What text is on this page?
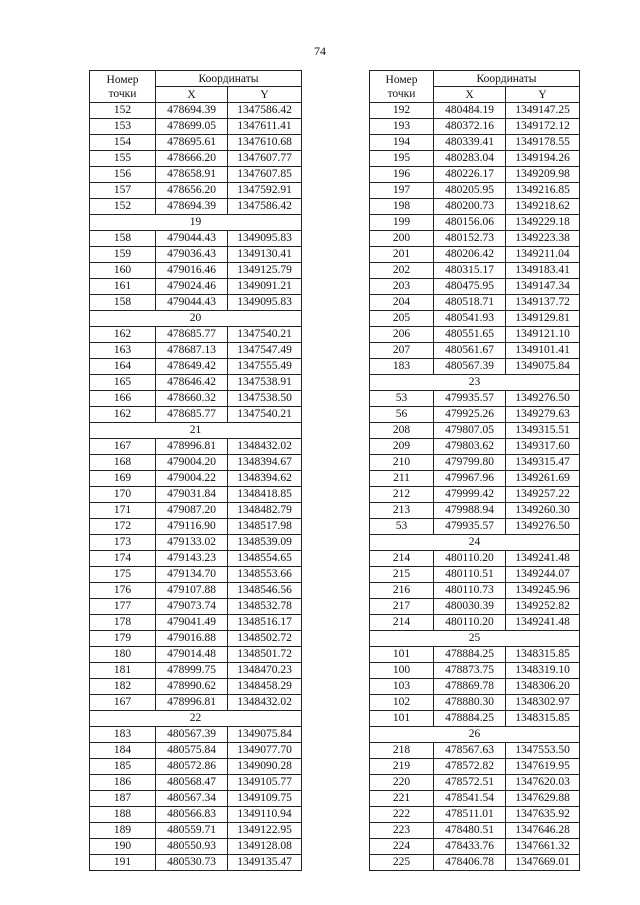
74
Номер
точки	Координаты	
	X	Y
152	478694.39	1347586.42
153	478699.05	1347611.41
154	478695.61	1347610.68
155	478666.20	1347607.77
156	478658.91	1347607.85
157	478656.20	1347592.91
152	478694.39	1347586.42
19		
158	479044.43	1349095.83
159	479036.43	1349130.41
160	479016.46	1349125.79
161	479024.46	1349091.21
158	479044.43	1349095.83
20		
162	478685.77	1347540.21
163	478687.13	1347547.49
164	478649.42	1347555.49
165	478646.42	1347538.91
166	478660.32	1347538.50
162	478685.77	1347540.21
21		
167	478996.81	1348432.02
168	479004.20	1348394.67
169	479004.22	1348394.62
170	479031.84	1348418.85
171	479087.20	1348482.79
172	479116.90	1348517.98
173	479133.02	1348539.09
174	479143.23	1348554.65
175	479134.70	1348553.66
176	479107.88	1348546.56
177	479073.74	1348532.78
178	479041.49	1348516.17
179	479016.88	1348502.72
180	479014.48	1348501.72
181	478999.75	1348470.23
182	478990.62	1348458.29
167	478996.81	1348432.02
22		
183	480567.39	1349075.84
184	480575.84	1349077.70
185	480572.86	1349090.28
186	480568.47	1349105.77
187	480567.34	1349109.75
188	480566.83	1349110.94
189	480559.71	1349122.95
190	480550.93	1349128.08
191	480530.73	1349135.47
Номер
точки	Координаты	
	X	Y
192	480484.19	1349147.25
193	480372.16	1349172.12
194	480339.41	1349178.55
195	480283.04	1349194.26
196	480226.17	1349209.98
197	480205.95	1349216.85
198	480200.73	1349218.62
199	480156.06	1349229.18
200	480152.73	1349223.38
201	480206.42	1349211.04
202	480315.17	1349183.41
203	480475.95	1349147.34
204	480518.71	1349137.72
205	480541.93	1349129.81
206	480551.65	1349121.10
207	480561.67	1349101.41
183	480567.39	1349075.84
23		
53	479935.57	1349276.50
56	479925.26	1349279.63
208	479807.05	1349315.51
209	479803.62	1349317.60
210	479799.80	1349315.47
211	479967.96	1349261.69
212	479999.42	1349257.22
213	479988.94	1349260.30
53	479935.57	1349276.50
24		
214	480110.20	1349241.48
215	480110.51	1349244.07
216	480110.73	1349245.96
217	480030.39	1349252.82
214	480110.20	1349241.48
25		
101	478884.25	1348315.85
100	478873.75	1348319.10
103	478869.78	1348306.20
102	478880.30	1348302.97
101	478884.25	1348315.85
26		
218	478567.63	1347553.50
219	478572.82	1347619.95
220	478572.51	1347620.03
221	478541.54	1347629.88
222	478511.01	1347635.92
223	478480.51	1347646.28
224	478433.76	1347661.32
225	478406.78	1347669.01
